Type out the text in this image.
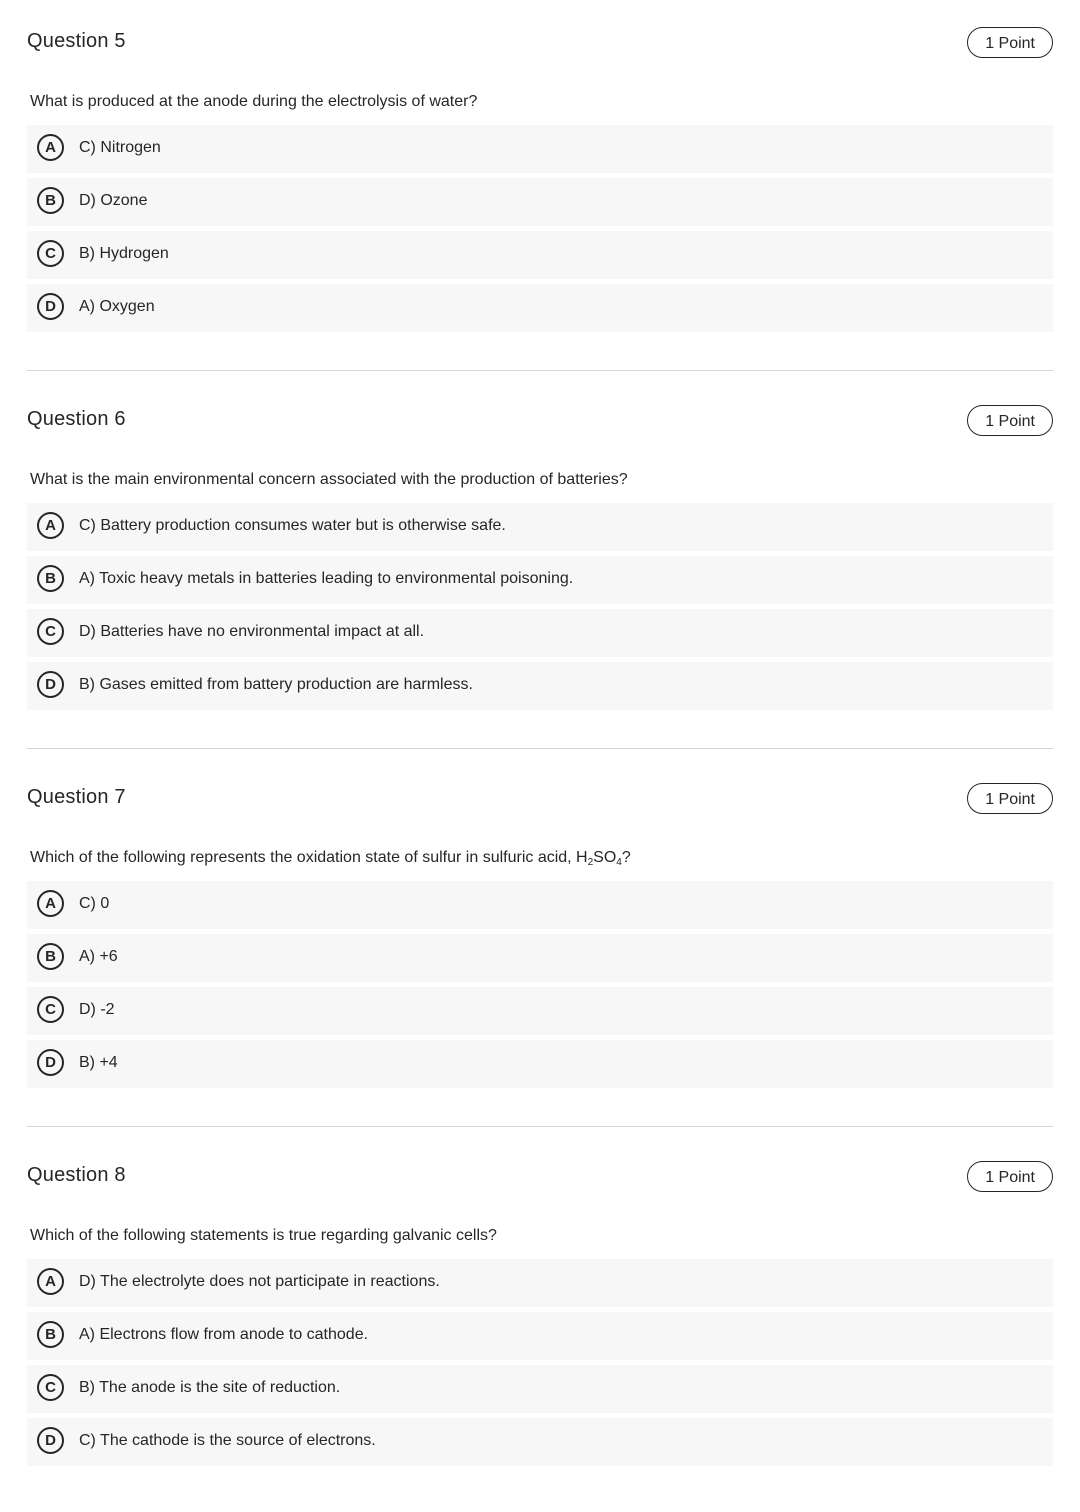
Question 5	1 Point
What is produced at the anode during the electrolysis of water?
A	C) Nitrogen
B	D) Ozone
C	B) Hydrogen
D	A) Oxygen
Question 6	1 Point
What is the main environmental concern associated with the production of batteries?
A	C) Battery production consumes water but is otherwise safe.
B	A) Toxic heavy metals in batteries leading to environmental poisoning.
C	D) Batteries have no environmental impact at all.
D	B) Gases emitted from battery production are harmless.
Question 7	1 Point
Which of the following represents the oxidation state of sulfur in sulfuric acid, $H_2SO_4$?
A	C) 0
B	A) +6
C	D) -2
D	B) +4
Question 8	1 Point
Which of the following statements is true regarding galvanic cells?
A	D) The electrolyte does not participate in reactions.
B	A) Electrons flow from anode to cathode.
C	B) The anode is the site of reduction.
D	C) The cathode is the source of electrons.
